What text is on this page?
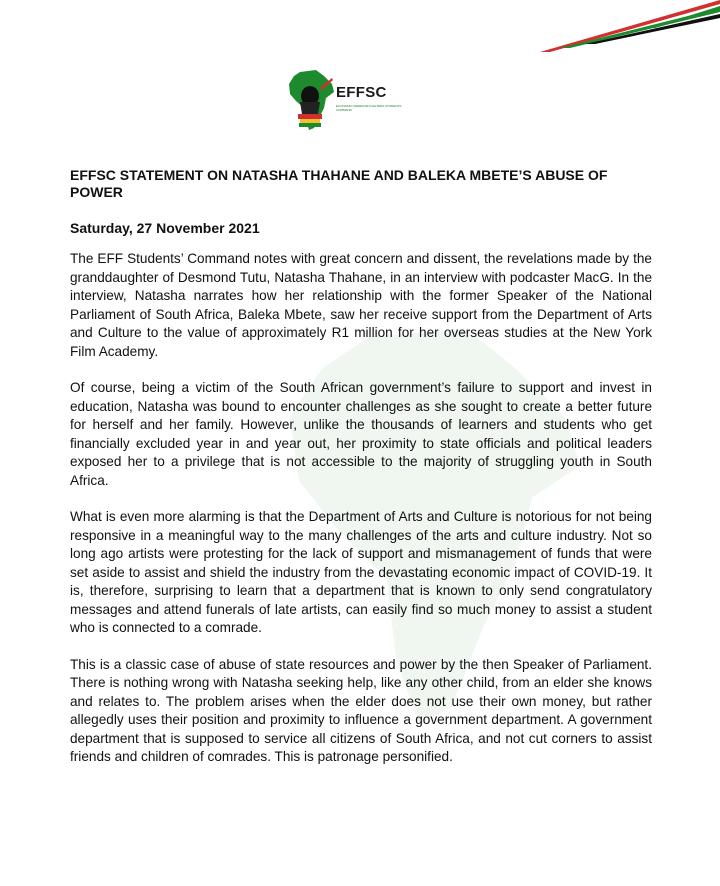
EFFSC
ECONOMIC FREEDOM FIGHTERS STUDENTS COMMAND
EFFSC STATEMENT ON NATASHA THAHANE AND BALEKA MBETE’S ABUSE OF POWER

Saturday, 27 November 2021

The EFF Students’ Command notes with great concern and dissent, the revelations made by the granddaughter of Desmond Tutu, Natasha Thahane, in an interview with podcaster MacG. In the interview, Natasha narrates how her relationship with the former Speaker of the National Parliament of South Africa, Baleka Mbete, saw her receive support from the Department of Arts and Culture to the value of approximately R1 million for her overseas studies at the New York Film Academy.

Of course, being a victim of the South African government’s failure to support and invest in education, Natasha was bound to encounter challenges as she sought to create a better future for herself and her family. However, unlike the thousands of learners and students who get financially excluded year in and year out, her proximity to state officials and political leaders exposed her to a privilege that is not accessible to the majority of struggling youth in South Africa.

What is even more alarming is that the Department of Arts and Culture is notorious for not being responsive in a meaningful way to the many challenges of the arts and culture industry. Not so long ago artists were protesting for the lack of support and mismanagement of funds that were set aside to assist and shield the industry from the devastating economic impact of COVID-19. It is, therefore, surprising to learn that a department that is known to only send congratulatory messages and attend funerals of late artists, can easily find so much money to assist a student who is connected to a comrade.

This is a classic case of abuse of state resources and power by the then Speaker of Parliament. There is nothing wrong with Natasha seeking help, like any other child, from an elder she knows and relates to. The problem arises when the elder does not use their own money, but rather allegedly uses their position and proximity to influence a government department. A government department that is supposed to service all citizens of South Africa, and not cut corners to assist friends and children of comrades. This is patronage personified.
